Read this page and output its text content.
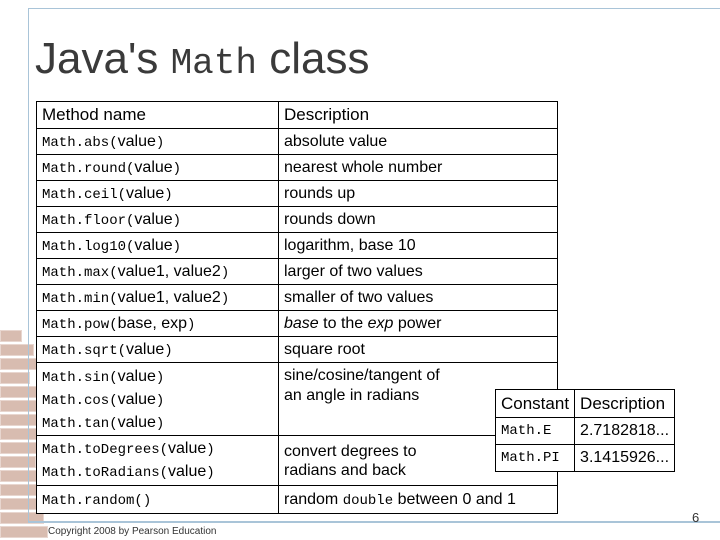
Java's Math class
Method name	Description
Math.abs(value)	absolute value
Math.round(value)	nearest whole number
Math.ceil(value)	rounds up
Math.floor(value)	rounds down
Math.log10(value)	logarithm, base 10
Math.max(value1, value2)	larger of two values
Math.min(value1, value2)	smaller of two values
Math.pow(base, exp)	base to the exp power
Math.sqrt(value)	square root

Math.sin(value)
Math.cos(value)
Math.tan(value)	sine/cosine/tangent of
an angle in radians

Math.toDegrees(value)
Math.toRadians(value)	convert degrees to
radians and back

Math.random()	random double between 0 and 1
Constant	Description
Math.E	2.7182818...
Math.PI	3.1415926...
Copyright 2008 by Pearson Education
6
